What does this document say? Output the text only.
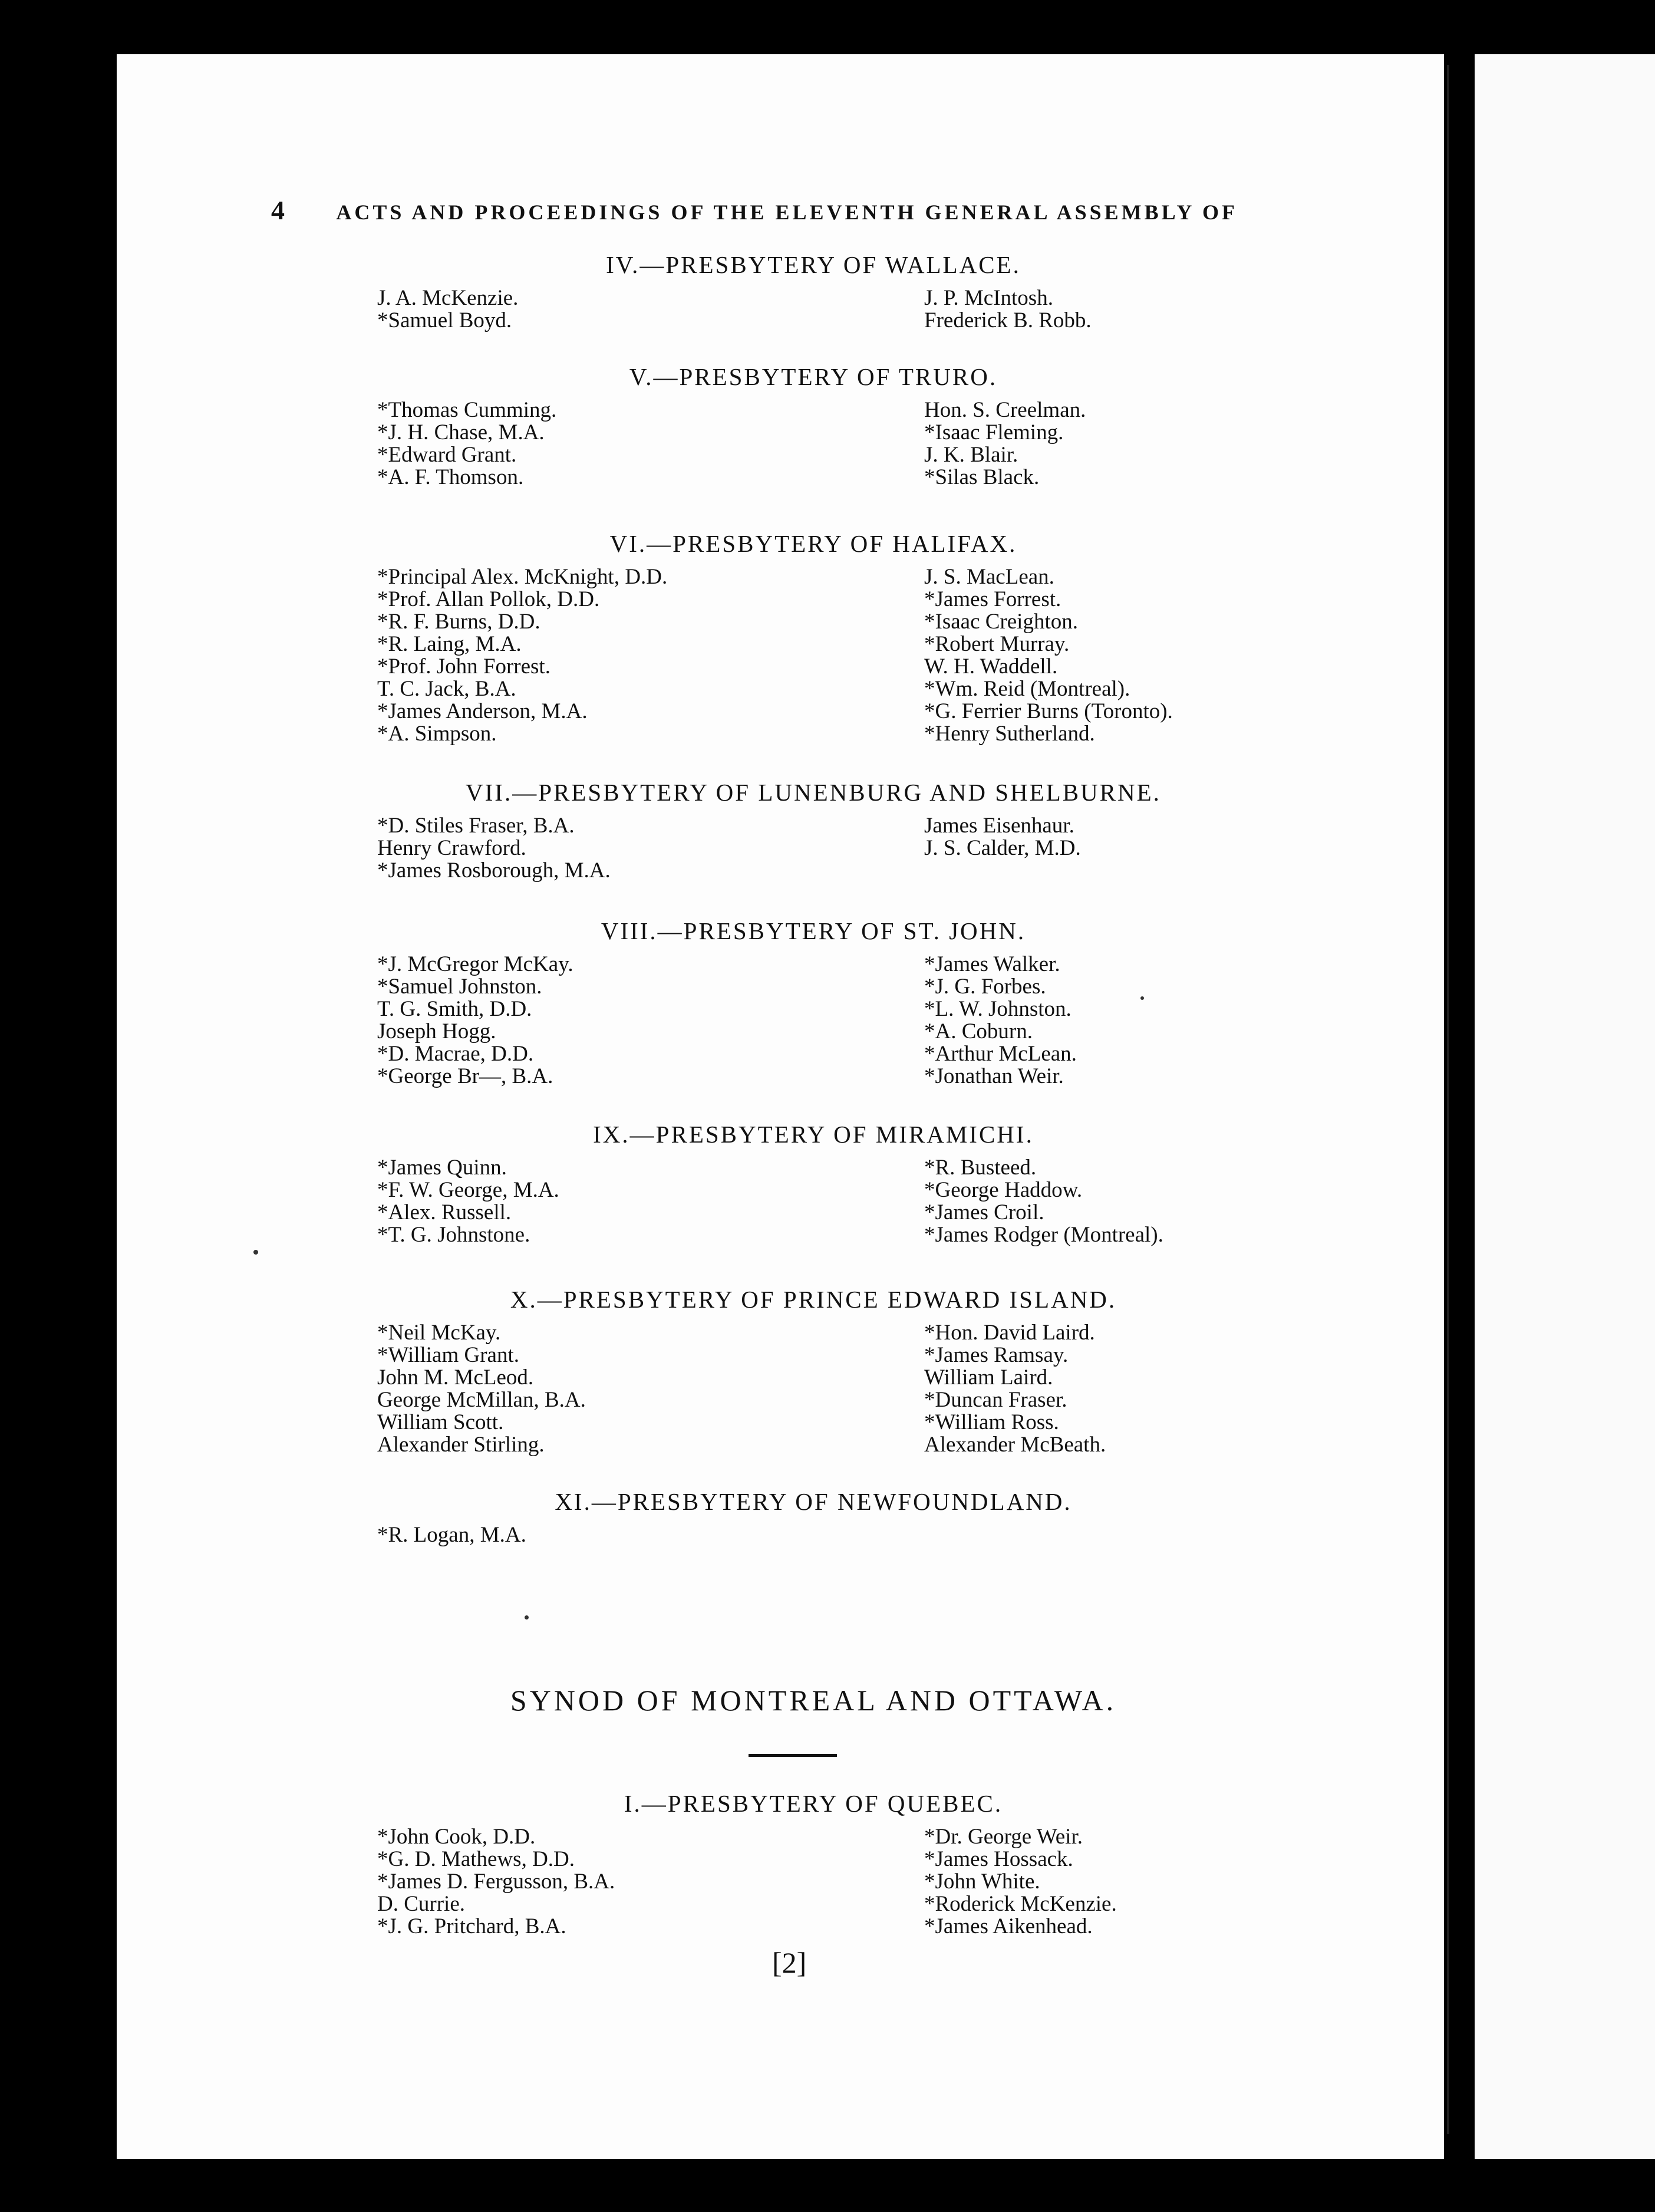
4	ACTS AND PROCEEDINGS OF THE ELEVENTH GENERAL ASSEMBLY OF
IV.—PRESBYTERY OF WALLACE.
J. A. McKenzie.
*Samuel Boyd.
J. P. McIntosh.
Frederick B. Robb.
V.—PRESBYTERY OF TRURO.
*Thomas Cumming.
*J. H. Chase, M.A.
*Edward Grant.
*A. F. Thomson.
Hon. S. Creelman.
*Isaac Fleming.
J. K. Blair.
*Silas Black.
VI.—PRESBYTERY OF HALIFAX.
*Principal Alex. McKnight, D.D.
*Prof. Allan Pollok, D.D.
*R. F. Burns, D.D.
*R. Laing, M.A.
*Prof. John Forrest.
T. C. Jack, B.A.
*James Anderson, M.A.
*A. Simpson.
J. S. MacLean.
*James Forrest.
*Isaac Creighton.
*Robert Murray.
W. H. Waddell.
*Wm. Reid (Montreal).
*G. Ferrier Burns (Toronto).
*Henry Sutherland.
VII.—PRESBYTERY OF LUNENBURG AND SHELBURNE.
*D. Stiles Fraser, B.A.
Henry Crawford.
*James Rosborough, M.A.
James Eisenhaur.
J. S. Calder, M.D.
VIII.—PRESBYTERY OF ST. JOHN.
*J. McGregor McKay.
*Samuel Johnston.
T. G. Smith, D.D.
Joseph Hogg.
*D. Macrae, D.D.
*George Br—, B.A.
*James Walker.
*J. G. Forbes.
*L. W. Johnston.
*A. Coburn.
*Arthur McLean.
*Jonathan Weir.
IX.—PRESBYTERY OF MIRAMICHI.
*James Quinn.
*F. W. George, M.A.
*Alex. Russell.
*T. G. Johnstone.
*R. Busteed.
*George Haddow.
*James Croil.
*James Rodger (Montreal).
X.—PRESBYTERY OF PRINCE EDWARD ISLAND.
*Neil McKay.
*William Grant.
John M. McLeod.
George McMillan, B.A.
William Scott.
Alexander Stirling.
*Hon. David Laird.
*James Ramsay.
William Laird.
*Duncan Fraser.
*William Ross.
Alexander McBeath.
XI.—PRESBYTERY OF NEWFOUNDLAND.
*R. Logan, M.A.
I.—PRESBYTERY OF QUEBEC.
*John Cook, D.D.
*G. D. Mathews, D.D.
*James D. Fergusson, B.A.
D. Currie.
*J. G. Pritchard, B.A.
*Dr. George Weir.
*James Hossack.
*John White.
*Roderick McKenzie.
*James Aikenhead.
SYNOD OF MONTREAL AND OTTAWA.
[2]
